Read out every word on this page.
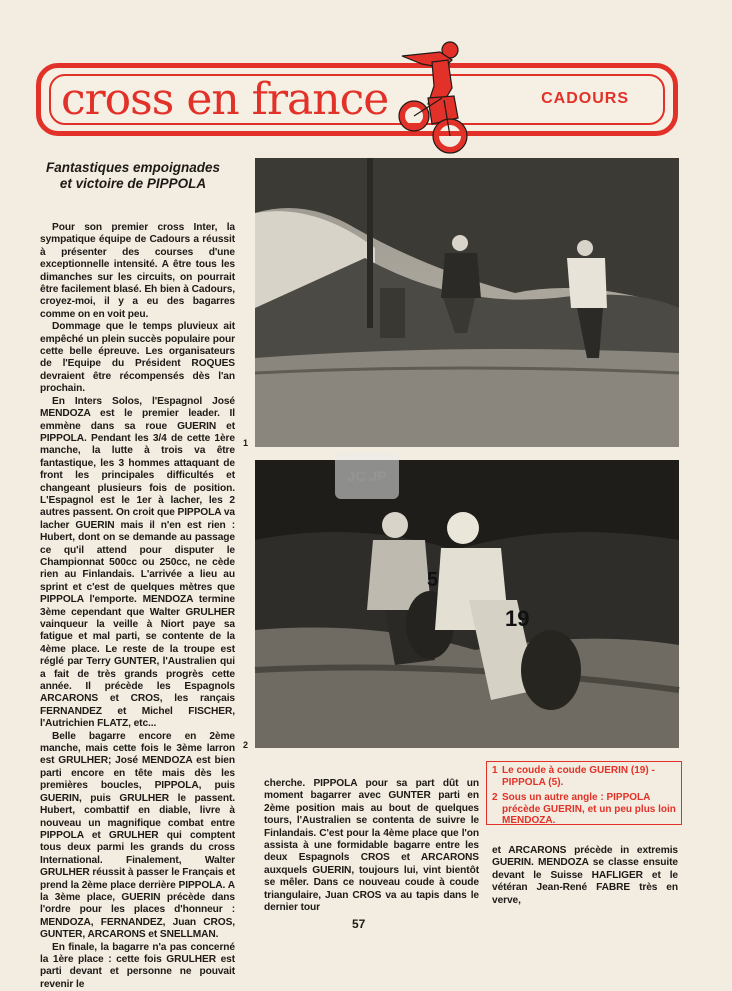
cross en france	CADOURS
Fantastiques empoignades et victoire de PIPPOLA

Pour son premier cross Inter, la sympatique équipe de Cadours a réussit à présenter des courses d'une exceptionnelle intensité. A être tous les dimanches sur les circuits, on pourrait être facilement blasé. Eh bien à Cadours, croyez-moi, il y a eu des bagarres comme on en voit peu.

Dommage que le temps pluvieux ait empêché un plein succès populaire pour cette belle épreuve. Les organisateurs de l'Equipe du Président ROQUES devraient être récompensés dès l'an prochain.

En Inters Solos, l'Espagnol José MENDOZA est le premier leader. Il emmène dans sa roue GUERIN et PIPPOLA. Pendant les 3/4 de cette 1ère manche, la lutte à trois va être fantastique, les 3 hommes attaquant de front les principales difficultés et changeant plusieurs fois de position. L'Espagnol est le 1er à lacher, les 2 autres passent. On croit que PIPPOLA va lacher GUERIN mais il n'en est rien : Hubert, dont on se demande au passage ce qu'il attend pour disputer le Championnat 500cc ou 250cc, ne cède rien au Finlandais. L'arrivée a lieu au sprint et c'est de quelques mètres que PIPPOLA l'emporte. MENDOZA termine 3ème cependant que Walter GRULHER vainqueur la veille à Niort paye sa fatigue et mal parti, se contente de la 4ème place. Le reste de la troupe est réglé par Terry GUNTER, l'Australien qui a fait de très grands progrès cette année. Il précède les Espagnols ARCARONS et CROS, les rançais FERNANDEZ et Michel FISCHER, l'Autrichien FLATZ, etc...

Belle bagarre encore en 2ème manche, mais cette fois le 3ème larron est GRULHER; José MENDOZA est bien parti encore en tête mais dès les premières boucles, PIPPOLA, puis GUERIN, puis GRULHER le passent. Hubert, combattif en diable, livre à nouveau un magnifique combat entre PIPPOLA et GRULHER qui comptent tous deux parmi les grands du cross International. Finalement, Walter GRULHER réussit à passer le Français et prend la 2ème place derrière PIPPOLA. A la 3ème place, GUERIN précède dans l'ordre pour les places d'honneur : MENDOZA, FERNANDEZ, Juan CROS, GUNTER, ARCARONS et SNELLMAN.

En finale, la bagarre n'a pas concerné la 1ère place : cette fois GRULHER est parti devant et personne ne pouvait revenir le

1
5
19
2
JC JP
1 Le coude à coude GUERIN (19) - PIPPOLA (5).
2 Sous un autre angle : PIPPOLA précède GUERIN, et un peu plus loin MENDOZA.
cherche. PIPPOLA pour sa part dût un moment bagarrer avec GUNTER parti en 2ème position mais au bout de quelques tours, l'Australien se contenta de suivre le Finlandais. C'est pour la 4ème place que l'on assista à une formidable bagarre entre les deux Espagnols CROS et ARCARONS auxquels GUERIN, toujours lui, vint bientôt se mêler. Dans ce nouveau coude à coude triangulaire, Juan CROS va au tapis dans le dernier tour
et ARCARONS précède in extremis GUERIN. MENDOZA se classe ensuite devant le Suisse HAFLIGER et le vétéran Jean-René FABRE très en verve,
57
